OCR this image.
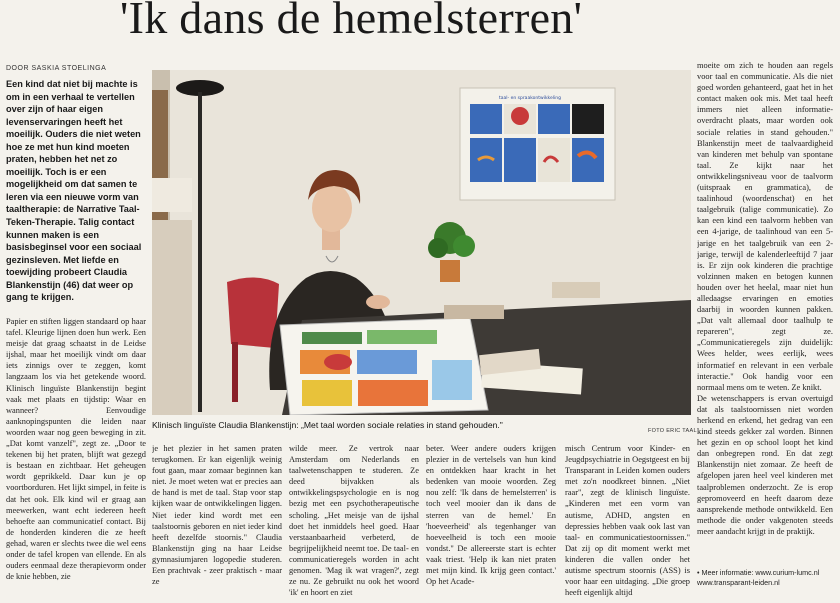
'Ik dans de hemelsterren'
DOOR SASKIA STOELINGA
Een kind dat niet bij machte is om in een verhaal te vertellen over zijn of haar eigen levenservaringen heeft het moeilijk. Ouders die niet weten hoe ze met hun kind moeten praten, hebben het net zo moeilijk. Toch is er een mogelijkheid om dat samen te leren via een nieuwe vorm van taaltherapie: de Narrative Taal-Teken-Therapie. Talig contact kunnen maken is een basisbeginsel voor een sociaal gezinsleven. Met liefde en toewijding probeert Claudia Blankenstijn (46) dat weer op gang te krijgen.

Papier en stiften liggen standaard op haar tafel. Kleurige lijnen doen hun werk. Een meisje dat graag schaatst in de Leidse ijshal, maar het moeilijk vindt om daar iets zinnigs over te zeggen, komt langzaam los via het getekende woord. Klinisch linguïste Blankenstijn begint vaak met plaats en tijdstip: Waar en wanneer? Eenvoudige aanknopingspunten die leiden naar woorden waar nog geen beweging in zit. „Dat komt vanzelf", zegt ze. „Door te tekenen bij het praten, blijft wat gezegd is bestaan en zichtbaar. Het geheugen wordt geprikkeld. Daar kun je op voortborduren. Het lijkt simpel, in feite is dat het ook. Elk kind wil er graag aan meewerken, want echt iedereen heeft behoefte aan communicatief contact. Bij de honderden kinderen die ze heeft gehad, waren er slechts twee die wel eens onder de tafel kropen van ellende. En als ouders eenmaal deze therapievorm onder de knie hebben, zie

taal- en spraakontwikkeling
Klinisch linguïste Claudia Blankenstijn: „Met taal worden sociale relaties in stand gehouden."
FOTO ERIC TAAL

je het plezier in het samen praten terugkomen. Er kan eigenlijk weinig fout gaan, maar zomaar beginnen kan niet. Je moet weten wat er precies aan de hand is met de taal. Stap voor stap kijken waar de ontwikkelingen liggen. Niet ieder kind wordt met een taalstoornis geboren en niet ieder kind heeft dezelfde stoornis." Claudia Blankenstijn ging na haar Leidse gymnasiumjaren logopedie studeren. Een prachtvak - zeer praktisch - maar ze

wilde meer. Ze vertrok naar Amsterdam om Nederlands en taalwetenschappen te studeren. Ze deed bijvakken als ontwikkelingspsychologie en is nog bezig met een psychotherapeutische scholing. „Het meisje van de ijshal doet het inmiddels heel goed. Haar verstaanbaarheid verbeterd, de begrijpelijkheid neemt toe. De taal- en communicatieregels worden in acht genomen. 'Mag ik wat vragen?', zegt ze nu. Ze gebruikt nu ook het woord 'ik' en hoort en ziet

beter. Weer andere ouders krijgen plezier in de vertelsels van hun kind en ontdekken haar kracht in het bedenken van mooie woorden. Zeg nou zelf: 'Ik dans de hemelsterren' is toch veel mooier dan ik dans de sterren van de hemel.' En 'hoeveerheid' als tegenhanger van hoeveelheid is toch een mooie vondst." De allereerste start is echter vaak triest. 'Help ik kan niet praten met mijn kind. Ik krijg geen contact.' Op het Acade-

misch Centrum voor Kinder- en Jeugdpsychiatrie in Oegstgeest en bij Transparant in Leiden komen ouders met zo'n noodkreet binnen. „Niet raar", zegt de klinisch linguïste. „Kinderen met een vorm van autisme, ADHD, angsten en depressies hebben vaak ook last van taal- en communicatiestoornissen." Dat zij op dit moment werkt met kinderen die vallen onder het autisme spectrum stoornis (ASS) is voor haar een uitdaging. „Die groep heeft eigenlijk altijd

moeite om zich te houden aan regels voor taal en communicatie. Als die niet goed worden gehanteerd, gaat het in het contact maken ook mis. Met taal heeft immers niet alleen informatie-overdracht plaats, maar worden ook sociale relaties in stand gehouden." Blankenstijn meet de taalvaardigheid van kinderen met behulp van spontane taal. Ze kijkt naar het ontwikkelingsniveau voor de taalvorm (uitspraak en grammatica), de taalinhoud (woordenschat) en het taalgebruik (talige communicatie). Zo kan een kind een taalvorm hebben van een 4-jarige, de taalinhoud van een 5-jarige en het taalgebruik van een 2-jarige, terwijl de kalenderleeftijd 7 jaar is. Er zijn ook kinderen die prachtige volzinnen maken en betogen kunnen houden over het heelal, maar niet hun alledaagse ervaringen en emoties daarbij in woorden kunnen pakken. „Dat valt allemaal door taalhulp te repareren", zegt ze. „Communicatieregels zijn duidelijk: Wees helder, wees eerlijk, wees informatief en relevant in een verbale interactie." Ook handig voor een normaal mens om te weten. Ze knikt.

De wetenschappers is ervan overtuigd dat als taalstoornissen niet worden herkend en erkend, het gedrag van een kind steeds gekker zal worden. Binnen het gezin en op school loopt het kind dan onbegrepen rond. En dat zegt Blankenstijn niet zomaar. Ze heeft de afgelopen jaren heel veel kinderen met taalproblemen onderzocht. Ze is erop gepromoveerd en heeft daarom deze aansprekende methode ontwikkeld. Een methode die onder vakgenoten steeds meer aandacht krijgt in de praktijk.

• Meer informatie: www.curium-lumc.nl
www.transparant-leiden.nl
